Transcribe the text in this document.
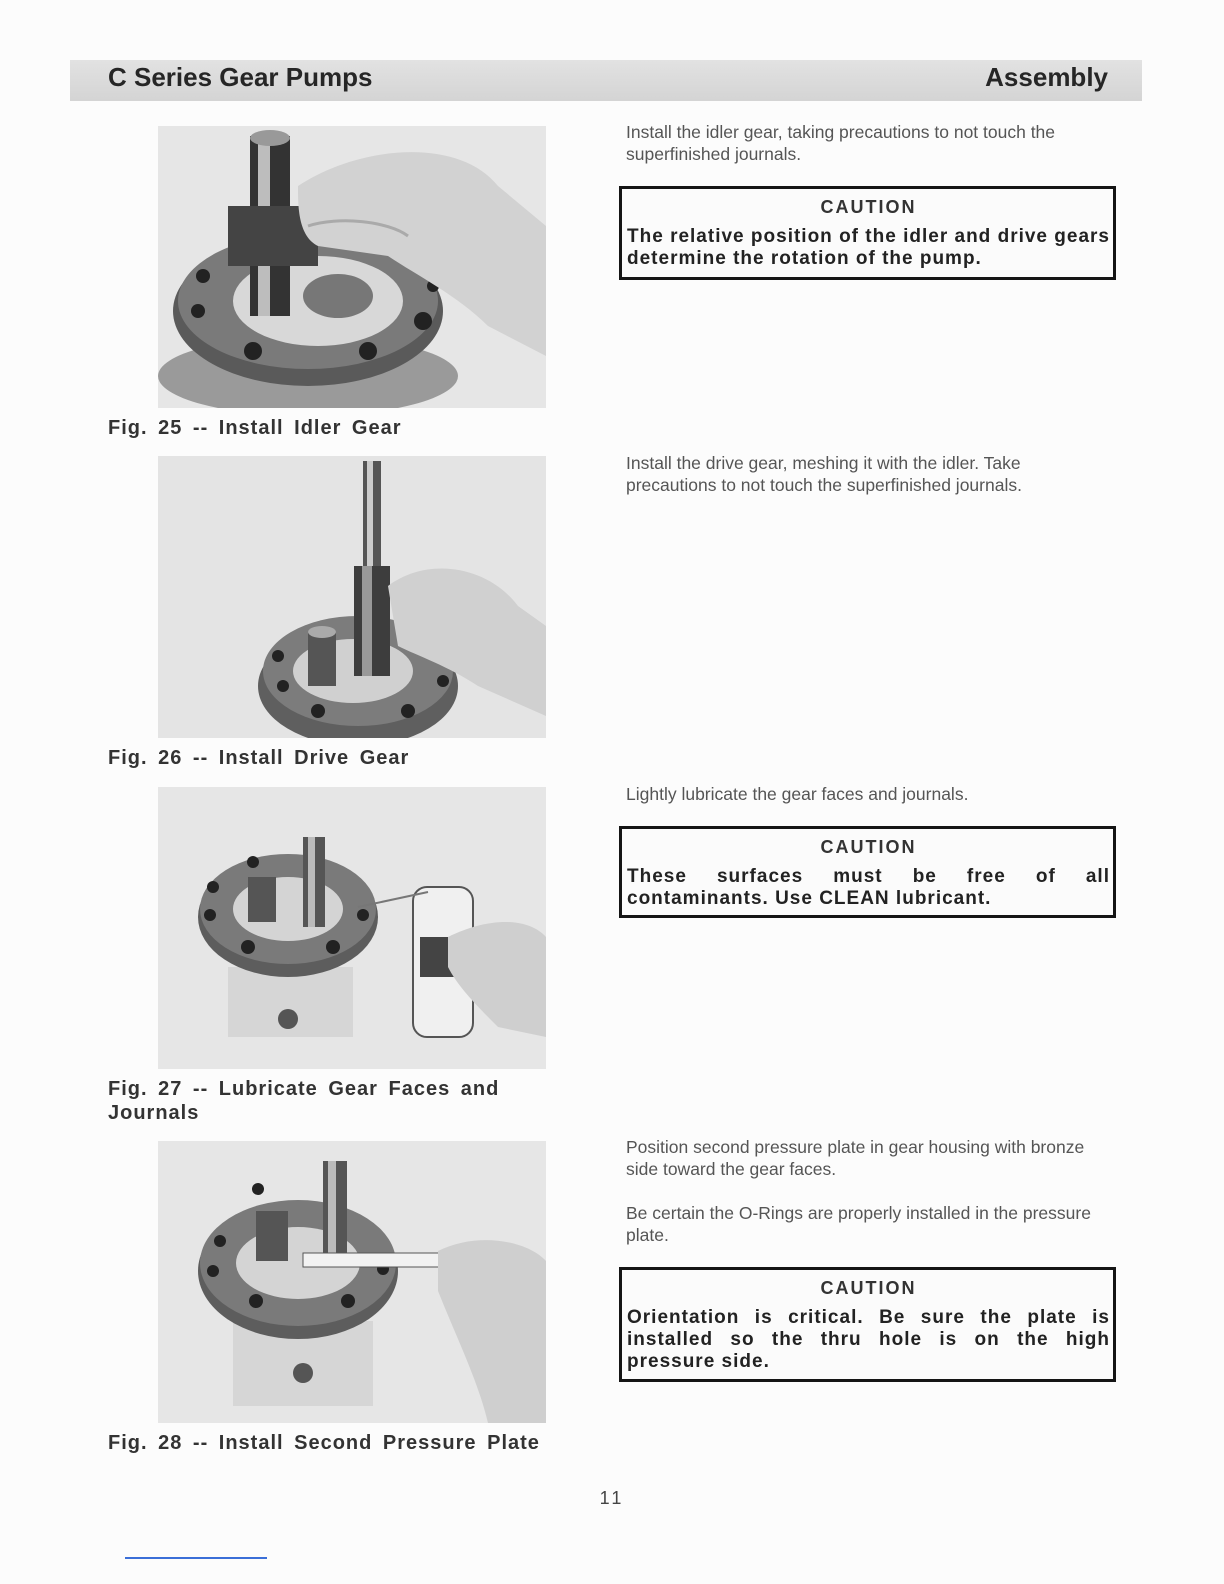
C Series Gear Pumps	Assembly
Fig. 25 -- Install Idler Gear
Fig. 26 -- Install Drive Gear
Fig. 27 -- Lubricate Gear Faces and Journals
Fig. 28 -- Install Second Pressure Plate

Install the idler gear, taking precautions to not touch the superfinished journals.

CAUTION
The relative position of the idler and drive gears determine the rotation of the pump.

Install the drive gear, meshing it with the idler. Take precautions to not touch the superfinished journals.

Lightly lubricate the gear faces and journals.

CAUTION
These surfaces must be free of all contaminants. Use CLEAN lubricant.

Position second pressure plate in gear housing with bronze side toward the gear faces.

Be certain the O-Rings are properly installed in the pressure plate.

CAUTION
Orientation is critical. Be sure the plate is installed so the thru hole is on the high pressure side.
11
